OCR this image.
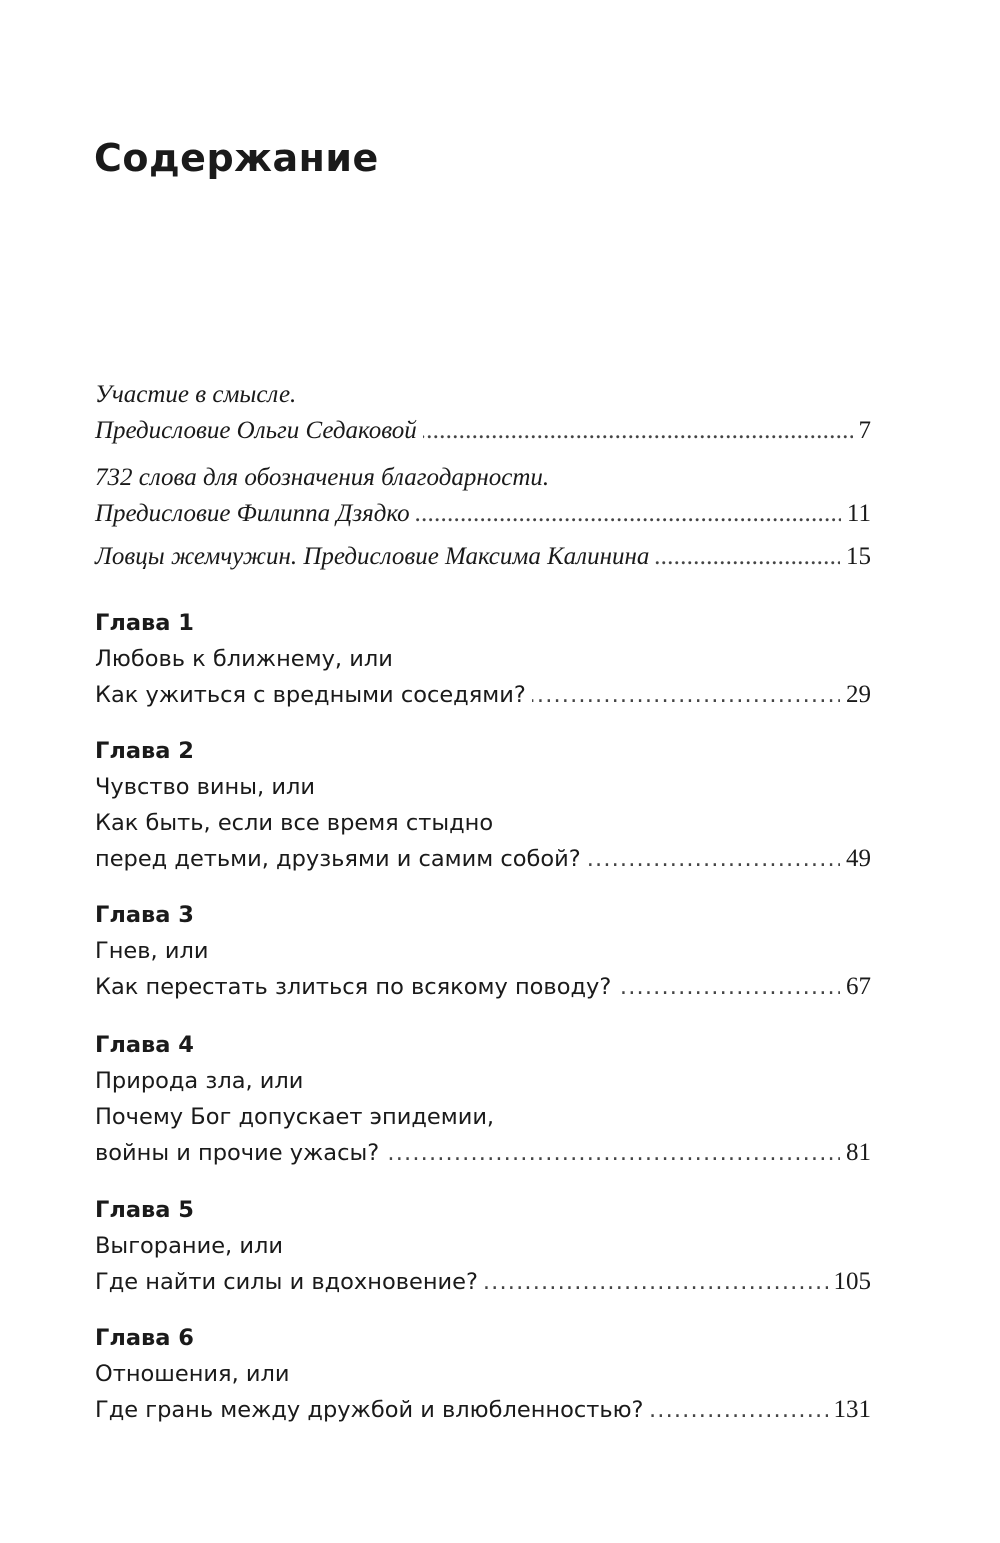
Содержание
Участие в смысле.
Предисловие Ольги Седаковой . . .	7
732 слова для обозначения благодарности.
Предисловие Филиппа Дзядко . . .	11
Ловцы жемчужин. Предисловие Максима Калинина . . .	15
Глава 1
Любовь к ближнему, или
Как ужиться с вредными соседями? . . .	29
Глава 2
Чувство вины, или
Как быть, если все время стыдно
перед детьми, друзьями и самим собой? . . .	49
Глава 3
Гнев, или
Как перестать злиться по всякому поводу? . . .	67
Глава 4
Природа зла, или
Почему Бог допускает эпидемии,
войны и прочие ужасы? . . .	81
Глава 5
Выгорание, или
Где найти силы и вдохновение? . . .	105
Глава 6
Отношения, или
Где грань между дружбой и влюбленностью? . . .	131
